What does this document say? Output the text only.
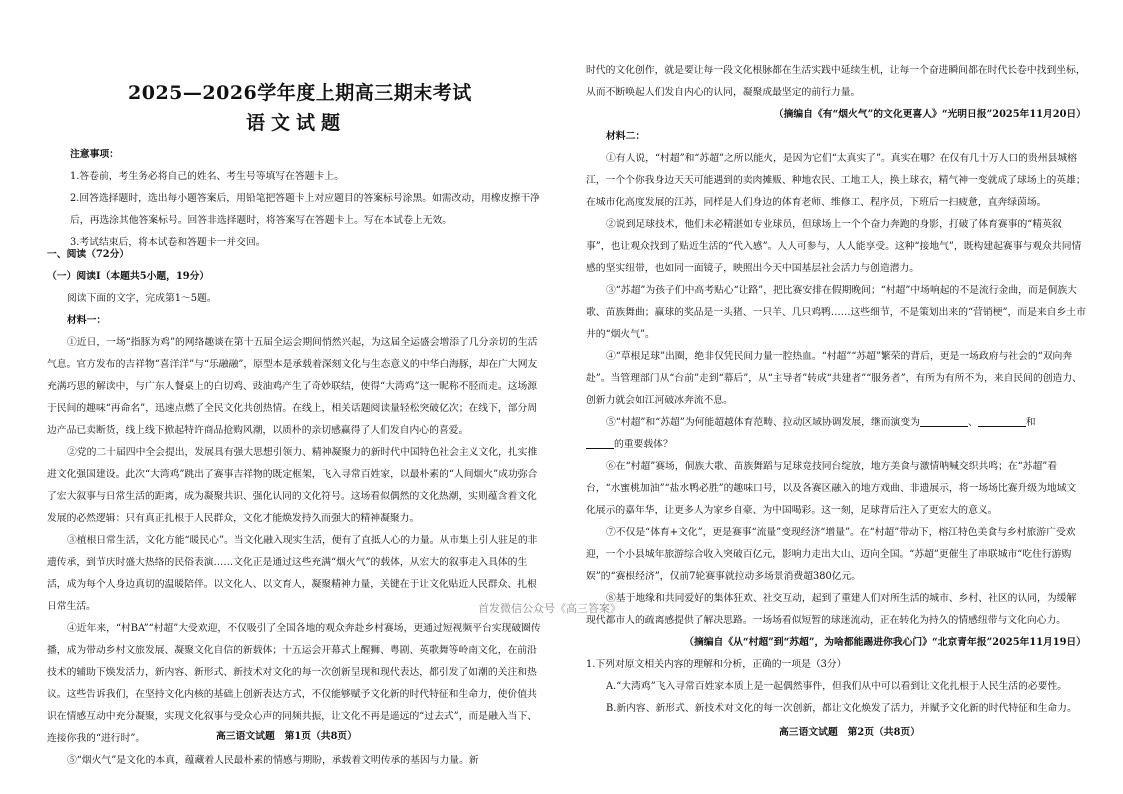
2025—2026学年度上期高三期末考试
语文试题

注意事项：

1.答卷前，考生务必将自己的姓名、考生号等填写在答题卡上。

2.回答选择题时，选出每小题答案后，用铅笔把答题卡上对应题目的答案标号涂黑。如需改动，用橡皮擦干净后，再选涂其他答案标号。回答非选择题时，将答案写在答题卡上。写在本试卷上无效。

3.考试结束后，将本试卷和答题卡一并交回。

一、阅读（72分）

（一）阅读Ⅰ（本题共5小题，19分）

阅读下面的文字，完成第1～5题。

材料一：

①近日，一场“指豚为鸡”的网络趣谈在第十五届全运会期间悄然兴起，为这届全运盛会增添了几分亲切的生活气息。官方发布的吉祥物“喜洋洋”与“乐融融”，原型本是承载着深刻文化与生态意义的中华白海豚，却在广大网友充满巧思的解读中，与广东人餐桌上的白切鸡、豉油鸡产生了奇妙联结，使得“大湾鸡”这一昵称不胫而走。这场源于民间的趣味“再命名”，迅速点燃了全民文化共创热情。在线上，相关话题阅读量轻松突破亿次；在线下，部分周边产品已卖断货，线上线下掀起特许商品抢购风潮，以质朴的亲切感赢得了人们发自内心的喜爱。

②党的二十届四中全会提出，发展具有强大思想引领力、精神凝聚力的新时代中国特色社会主义文化，扎实推进文化强国建设。此次“大湾鸡”跳出了赛事吉祥物的既定框架，飞入寻常百姓家，以最朴素的“人间烟火”成功弥合了宏大叙事与日常生活的距离，成为凝聚共识、强化认同的文化符号。这场看似偶然的文化热潮，实则蕴含着文化发展的必然逻辑：只有真正扎根于人民群众，文化才能焕发持久而强大的精神凝聚力。

③植根日常生活，文化方能“暖民心”。当文化融入现实生活，便有了直抵人心的力量。从市集上引人驻足的非遗传承，到节庆时盛大热络的民俗表演……文化正是通过这些充满“烟火气”的载体，从宏大的叙事走入具体的生活，成为每个人身边真切的温暖陪伴。以文化人、以文育人，凝聚精神力量，关键在于让文化贴近人民群众、扎根日常生活。

④近年来，“村BA”“村超”大受欢迎，不仅吸引了全国各地的观众奔赴乡村赛场，更通过短视频平台实现破圈传播，成为带动乡村文旅发展、凝聚文化自信的新载体；十五运会开幕式上醒狮、粤剧、英歌舞等岭南文化，在前沿技术的辅助下焕发活力，新内容、新形式、新技术对文化的每一次创新呈现和现代表达，都引发了如潮的关注和热议。这些告诉我们，在坚持文化内核的基础上创新表达方式，不仅能够赋予文化新的时代特征和生命力，使价值共识在情感互动中充分凝聚，实现文化叙事与受众心声的同频共振，让文化不再是遥远的“过去式”，而是融入当下、连接你我的“进行时”。

⑤“烟火气”是文化的本真，蕴藏着人民最朴素的情感与期盼，承载着文明传承的基因与力量。新

高三语文试题　第1页（共8页）

时代的文化创作，就是要让每一段文化根脉都在生活实践中延续生机，让每一个奋进瞬间都在时代长卷中找到坐标，从而不断唤起人们发自内心的认同，凝聚成最坚定的前行力量。

（摘编自《有“烟火气”的文化更喜人》“光明日报”2025年11月20日）

材料二：

①有人说，“村超”和“苏超”之所以能火，是因为它们“太真实了”。真实在哪？在仅有几十万人口的贵州县城榕江，一个个你我身边天天可能遇到的卖肉摊贩、种地农民、工地工人，换上球衣，精气神一变就成了球场上的英雄；在城市化高度发展的江苏，同样是人们身边的体育老师、维修工、程序员，下班后一扫疲惫，直奔绿茵场。

②说到足球技术，他们未必精湛如专业球员，但球场上一个个奋力奔跑的身影，打破了体育赛事的“精英叙事”，也让观众找到了贴近生活的“代入感”。人人可参与，人人能享受。这种“接地气”，既构建起赛事与观众共同情感的坚实纽带，也如同一面镜子，映照出今天中国基层社会活力与创造潜力。

③“苏超”为孩子们中高考贴心“让路”，把比赛安排在假期晚间；“村超”中场响起的不是流行金曲，而是侗族大歌、苗族舞曲；赢球的奖品是一头猪、一只羊、几只鸡鸭……这些细节，不是策划出来的“营销梗”，而是来自乡土市井的“烟火气”。

④“草根足球”出圈，绝非仅凭民间力量一腔热血。“村超”“苏超”繁荣的背后，更是一场政府与社会的“双向奔赴”。当管理部门从“台前”走到“幕后”，从“主导者”转成“共建者”“服务者”，有所为有所不为，来自民间的创造力、创新力就会如江河破冰奔流不息。

⑤“村超”和“苏超”为何能超越体育范畴、拉动区域协调发展，继而演变为	、	和
的重要载体？

⑥在“村超”赛场，侗族大歌、苗族舞蹈与足球竞技同台绽放，地方美食与激情呐喊交织共鸣；在“苏超”看台，“水蜜桃加油”“盐水鸭必胜”的趣味口号，以及各赛区融入的地方戏曲、非遗展示，将一场场比赛升级为地域文化展示的嘉年华，让更多人为家乡自豪、为中国喝彩。这一刻，足球背后注入了更宏大的意义。

⑦不仅是“体育+文化”，更是赛事“流量”变现经济“增量”。在“村超”带动下，榕江特色美食与乡村旅游广受欢迎，一个小县城年旅游综合收入突破百亿元，影响力走出大山、迈向全国。“苏超”更催生了串联城市“吃住行游购娱”的“赛根经济”，仅前7轮赛事就拉动多场景消费超380亿元。

⑧基于地缘和共同爱好的集体狂欢、社交互动，起到了重建人们对所生活的城市、乡村、社区的认同，为缓解现代都市人的疏离感提供了解决思路。一场场看似短暂的球迷流动，正在转化为持久的情感纽带与文化向心力。

（摘编自《从“村超”到“苏超”，为啥都能踢进你我心门》“北京青年报”2025年11月19日）

1.下列对原文相关内容的理解和分析，正确的一项是（3分）

A.“大湾鸡”飞入寻常百姓家本质上是一起偶然事件，但我们从中可以看到让文化扎根于人民生活的必要性。

B.新内容、新形式、新技术对文化的每一次创新，都让文化焕发了活力，并赋予文化新的时代特征和生命力。

高三语文试题　第2页（共8页）
首发微信公众号《高三答案》
